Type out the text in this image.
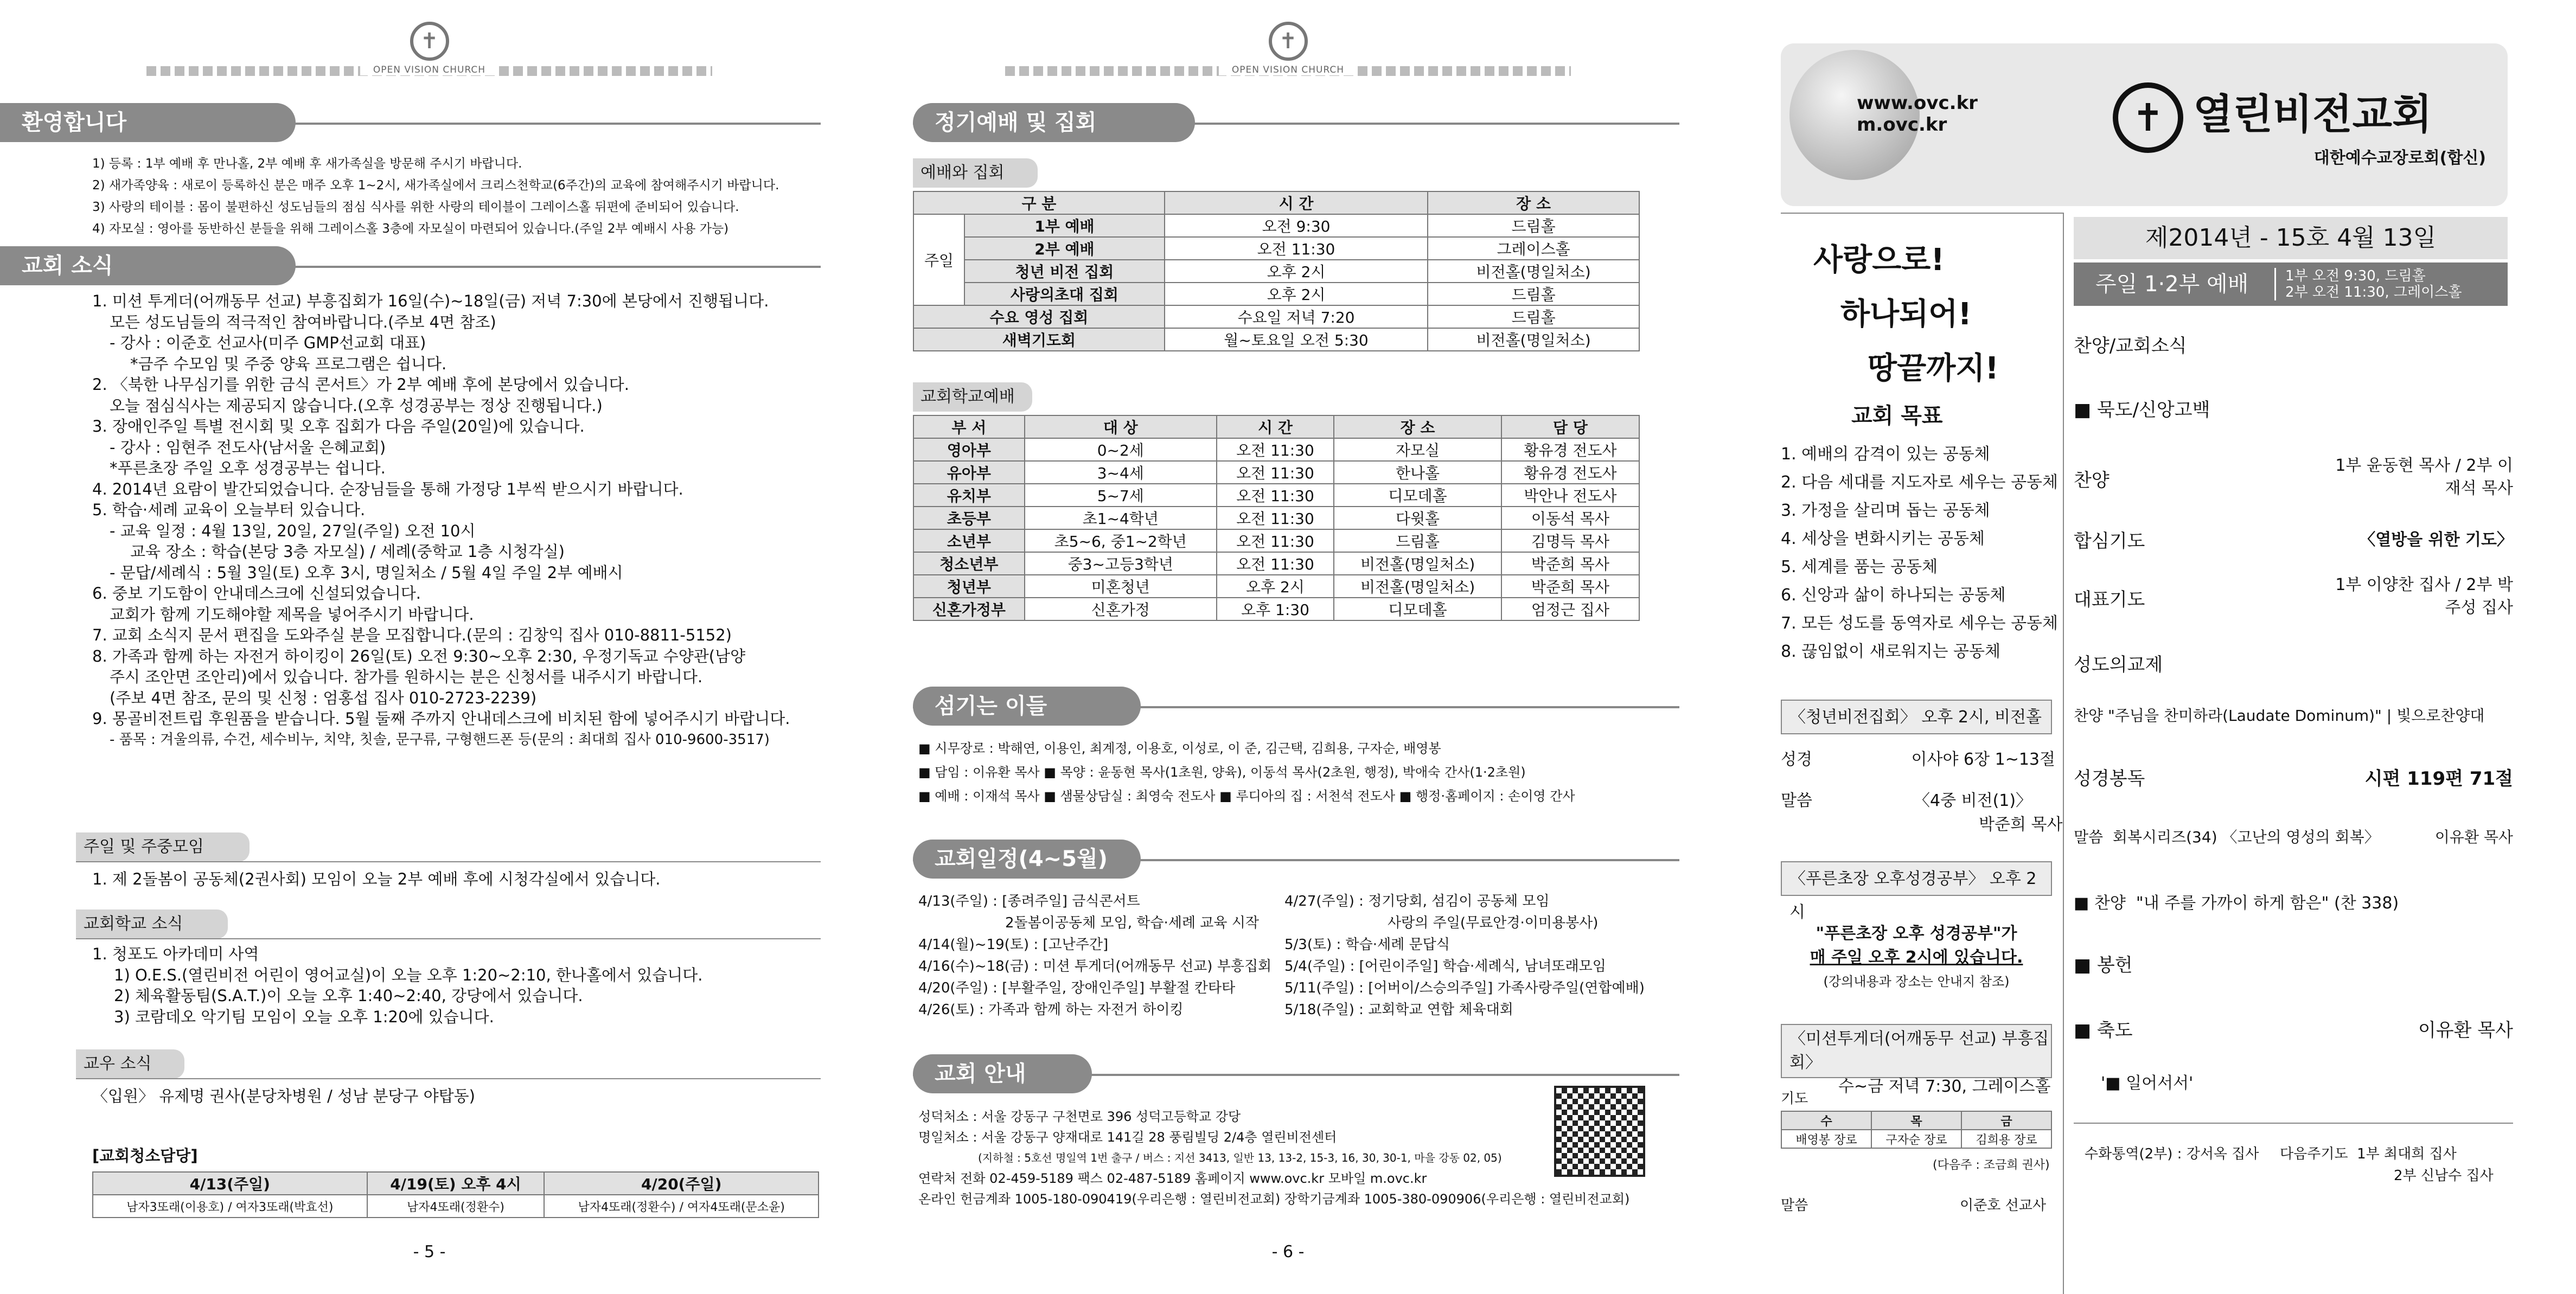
✝
OPEN VISION CHURCH
환영합니다
1) 등록 : 1부 예배 후 만나홀, 2부 예배 후 새가족실을 방문해 주시기 바랍니다.
2) 새가족양육 : 새로이 등록하신 분은 매주 오후 1~2시, 새가족실에서 크리스천학교(6주간)의 교육에 참여해주시기 바랍니다.
3) 사랑의 테이블 : 몸이 불편하신 성도님들의 점심 식사를 위한 사랑의 테이블이 그레이스홀 뒤편에 준비되어 있습니다.
4) 자모실 : 영아를 동반하신 분들을 위해 그레이스홀 3층에 자모실이 마련되어 있습니다.(주일 2부 예배시 사용 가능)
교회 소식
1. 미션 투게더(어깨동무 선교) 부흥집회가 16일(수)~18일(금) 저녁 7:30에 본당에서 진행됩니다.
모든 성도님들의 적극적인 참여바랍니다.(주보 4면 참조)
- 강사 : 이준호 선교사(미주 GMP선교회 대표)
*금주 수모임 및 주중 양육 프로그램은 쉽니다.
2. 〈북한 나무심기를 위한 금식 콘서트〉가 2부 예배 후에 본당에서 있습니다.
오늘 점심식사는 제공되지 않습니다.(오후 성경공부는 정상 진행됩니다.)
3. 장애인주일 특별 전시회 및 오후 집회가 다음 주일(20일)에 있습니다.
- 강사 : 임현주 전도사(남서울 은혜교회)
*푸른초장 주일 오후 성경공부는 쉽니다.
4. 2014년 요람이 발간되었습니다. 순장님들을 통해 가정당 1부씩 받으시기 바랍니다.
5. 학습·세례 교육이 오늘부터 있습니다.
- 교육 일정 : 4월 13일, 20일, 27일(주일) 오전 10시
교육 장소 : 학습(본당 3층 자모실) / 세례(중학교 1층 시청각실)
- 문답/세례식 : 5월 3일(토) 오후 3시, 명일처소 / 5월 4일 주일 2부 예배시
6. 중보 기도함이 안내데스크에 신설되었습니다.
교회가 함께 기도해야할 제목을 넣어주시기 바랍니다.
7. 교회 소식지 문서 편집을 도와주실 분을 모집합니다.(문의 : 김창익 집사 010-8811-5152)
8. 가족과 함께 하는 자전거 하이킹이 26일(토) 오전 9:30~오후 2:30, 우정기독교 수양관(남양
주시 조안면 조안리)에서 있습니다. 참가를 원하시는 분은 신청서를 내주시기 바랍니다.
(주보 4면 참조, 문의 및 신청 : 엄홍섭 집사 010-2723-2239)
9. 몽골비전트립 후원품을 받습니다. 5월 둘째 주까지 안내데스크에 비치된 함에 넣어주시기 바랍니다.
- 품목 : 겨울의류, 수건, 세수비누, 치약, 칫솔, 문구류, 구형핸드폰 등(문의 : 최대희 집사 010-9600-3517)
주일 및 주중모임
1. 제 2돌봄이 공동체(2권사회) 모임이 오늘 2부 예배 후에 시청각실에서 있습니다.
교회학교 소식
1. 청포도 아카데미 사역
1) O.E.S.(열린비전 어린이 영어교실)이 오늘 오후 1:20~2:10, 한나홀에서 있습니다.
2) 체육활동팀(S.A.T.)이 오늘 오후 1:40~2:40, 강당에서 있습니다.
3) 코람데오 악기팀 모임이 오늘 오후 1:20에 있습니다.
교우 소식
〈입원〉 유제명 권사(분당차병원 / 성남 분당구 야탑동)
[교회청소담당]
4/13(주일)	4/19(토) 오후 4시	4/20(주일)
남자3또래(이용호) / 여자3또래(박효선)	남자4또래(정환수)	남자4또래(정환수) / 여자4또래(문소윤)
- 5 -
✝
OPEN VISION CHURCH
정기예배 및 집회
예배와 집회
구 분		시 간	장 소
주일	1부 예배	오전 9:30	드림홀
	2부 예배	오전 11:30	그레이스홀
	청년 비전 집회	오후 2시	비전홀(명일처소)
	사랑의초대 집회	오후 2시	드림홀
수요 영성 집회		수요일 저녁 7:20	드림홀
새벽기도회		월~토요일 오전 5:30	비전홀(명일처소)
교회학교예배
부 서	대 상	시 간	장 소	담 당
영아부	0~2세	오전 11:30	자모실	황유경 전도사
유아부	3~4세	오전 11:30	한나홀	황유경 전도사
유치부	5~7세	오전 11:30	디모데홀	박안나 전도사
초등부	초1~4학년	오전 11:30	다윗홀	이동석 목사
소년부	초5~6, 중1~2학년	오전 11:30	드림홀	김명득 목사
청소년부	중3~고등3학년	오전 11:30	비전홀(명일처소)	박준희 목사
청년부	미혼청년	오후 2시	비전홀(명일처소)	박준희 목사
신혼가정부	신혼가정	오후 1:30	디모데홀	엄정근 집사
섬기는 이들
■ 시무장로 : 박해연, 이용인, 최계정, 이용호, 이성로, 이 준, 김근택, 김희용, 구자순, 배영봉
■ 담임 : 이유환 목사 ■ 목양 : 윤동현 목사(1초원, 양육), 이동석 목사(2초원, 행정), 박애숙 간사(1·2초원)
■ 예배 : 이재석 목사 ■ 샘물상담실 : 최영숙 전도사 ■ 루디아의 집 : 서천석 전도사 ■ 행정·홈페이지 : 손이영 간사
교회일정(4~5월)
4/13(주일) : [종려주일] 금식콘서트
2돌봄이공동체 모임, 학습·세례 교육 시작
4/14(월)~19(토) : [고난주간]
4/16(수)~18(금) : 미션 투게더(어깨동무 선교) 부흥집회
4/20(주일) : [부활주일, 장애인주일] 부활절 칸타타
4/26(토) : 가족과 함께 하는 자전거 하이킹
4/27(주일) : 정기당회, 섬김이 공동체 모임
사랑의 주일(무료안경·이미용봉사)
5/3(토) : 학습·세례 문답식
5/4(주일) : [어린이주일] 학습·세례식, 남녀또래모임
5/11(주일) : [어버이/스승의주일] 가족사랑주일(연합예배)
5/18(주일) : 교회학교 연합 체육대회
교회 안내
성덕처소 : 서울 강동구 구천면로 396 성덕고등학교 강당
명일처소 : 서울 강동구 양재대로 141길 28 풍림빌딩 2/4층 열린비전센터
(지하철 : 5호선 명일역 1번 출구 / 버스 : 지선 3413, 일반 13, 13-2, 15-3, 16, 30, 30-1, 마을 강동 02, 05)
연락처 전화 02-459-5189 팩스 02-487-5189 홈페이지 www.ovc.kr 모바일 m.ovc.kr
온라인 헌금계좌 1005-180-090419(우리은행 : 열린비전교회) 장학기금계좌 1005-380-090906(우리은행 : 열린비전교회)
- 6 -
www.ovc.kr
m.ovc.kr	✝ 열린비전교회
대한예수교장로회(합신)
사랑으로!
하나되어!
땅끝까지!
교회 목표
1. 예배의 감격이 있는 공동체
2. 다음 세대를 지도자로 세우는 공동체
3. 가정을 살리며 돕는 공동체
4. 세상을 변화시키는 공동체
5. 세계를 품는 공동체
6. 신앙과 삶이 하나되는 공동체
7. 모든 성도를 동역자로 세우는 공동체
8. 끊임없이 새로워지는 공동체
〈청년비전집회〉 오후 2시, 비전홀
성경	이사야 6장 1~13절
말씀	〈4중 비전(1)〉
박준희 목사
〈푸른초장 오후성경공부〉 오후 2시
"푸른초장 오후 성경공부"가
매 주일 오후 2시에 있습니다.
(강의내용과 장소는 안내지 참조)
〈미션투게더(어깨동무 선교) 부흥집회〉
수~금 저녁 7:30, 그레이스홀
기도
수	목	금
배영봉 장로	구자순 장로	김희용 장로
(다음주 : 조금희 권사)
말씀	이준호 선교사
제2014년 - 15호 4월 13일
주일 1·2부 예배	1부 오전 9:30, 드림홀
2부 오전 11:30, 그레이스홀
찬양/교회소식
■ 묵도/신앙고백
찬양
1부 윤동현 목사 / 2부 이재석 목사
합심기도	〈열방을 위한 기도〉
대표기도
1부 이양찬 집사 / 2부 박주성 집사
성도의교제
찬양 "주님을 찬미하라(Laudate Dominum)" | 빛으로찬양대
성경봉독	시편 119편 71절
말씀  회복시리즈(34) 〈고난의 영성의 회복〉	이유환 목사
■ 찬양  "내 주를 가까이 하게 함은" (찬 338)
■ 봉헌
■ 축도	이유환 목사
'■ 일어서서'
수화통역(2부) : 강서옥 집사 다음주기도  1부 최대희 집사
2부 신남수 집사
